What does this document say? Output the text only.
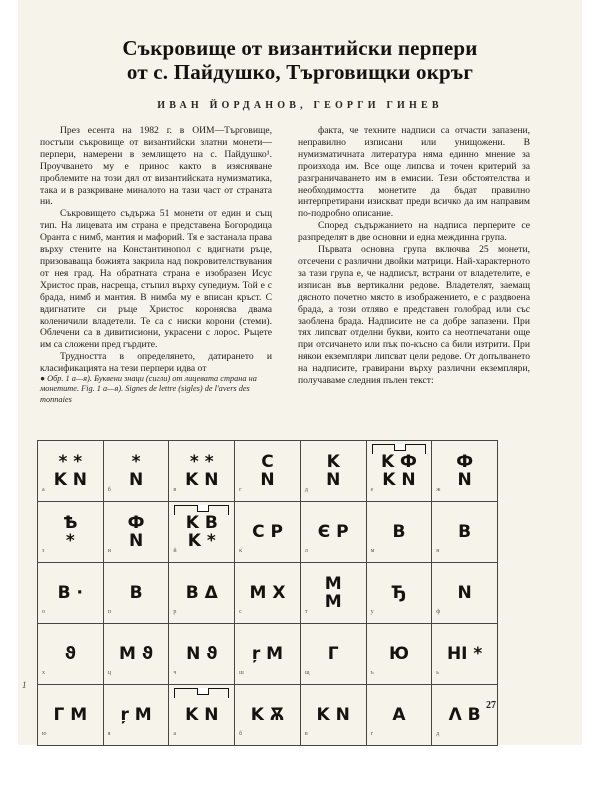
Съкровище от византийски перпери
от с. Пайдушко, Търговищки окръг
ИВАН ЙОРДАНОВ, ГЕОРГИ ГИНЕВ

През есента на 1982 г. в ОИМ—Търговище, постъпи съкровище от византийски златни монети— перпери, намерени в землището на с. Пайдушко¹. Проучването му е принос както в изясняване проблемите на този дял от византийската нумизматика, така и в разкриване миналото на тази част от страната ни.

Съкровището съдържа 51 монети от един и същ тип. На лицевата им страна е представена Богородица Оранта с нимб, мантия и мафорий. Тя е застанала права върху стените на Константинопол с вдигнати ръце, призоваваща божията закрила над покровителствувания от нея град. На обратната страна е изобразен Исус Христос прав, насреща, стъпил върху супедиум. Той е с брада, нимб и мантия. В нимба му е вписан кръст. С вдигнатите си ръце Христос коронясва двама коленичили владетели. Те са с ниски корони (стеми). Облечени са в дивитисиони, украсени с лорос. Ръцете им са сложени пред гърдите.

Трудността в определянето, датирането и класификацията на тези перпери идва от

факта, че техните надписи са отчасти запазени, неправилно изписани или унищожени. В нумизматичната литература няма единно мнение за произхода им. Все още липсва и точен критерий за разграничаването им в емисии. Тези обстоятелства и необходимостта монетите да бъдат правилно интерпретирани изискват преди всичко да им направим по-подробно описание.

Според съдържанието на надписа перперите се разпределят в две основни и една междинна група.

Първата основна група включва 25 монети, отсечени с различни двойки матрици. Най-характерното за тази група е, че надписът, встрани от владетелите, е изписан във вертикални редове. Владетелят, заемащ дясното почетно място в изображението, е с раздвоена брада, а този отляво е представен голобрад или със заоблена брада. Надписите не са добре запазени. При тях липсват отделни букви, които са неотпечатани още при отсичането или пък по-късно са били изтрити. При някои екземпляри липсват цели редове. От допълването на надписите, гравирани върху различни екземпляри, получаваме следния пълен текст:

● Обр. 1 а—я). Буквени знаци (сигли) от лицевата страна на монетите. Fig. 1 а—я). Signes de lettre (sigles) de l'avers des monnaies
* *
K N
а
*
N
б
* *
K N
в
C
N
г
K
N
д
K Ф
K N
е
Ф
N
ж
Ѣ
*
з
Ф
N
и
K B
K *
й
C P
к
Є P
л
B
м
B
н
B ·
о
B
п
B Δ
р
M X
с
M
M
т
Ђ
у
N
ф
ϑ
х
M ϑ
ц
N ϑ
ч
ŗ M
ш
Г
щ
Ю
ъ
HI *
ь
Г M
ю
ŗ M
я
K N
а
K Ѫ
б
K N
в
A
г
Λ B
д
1
27
